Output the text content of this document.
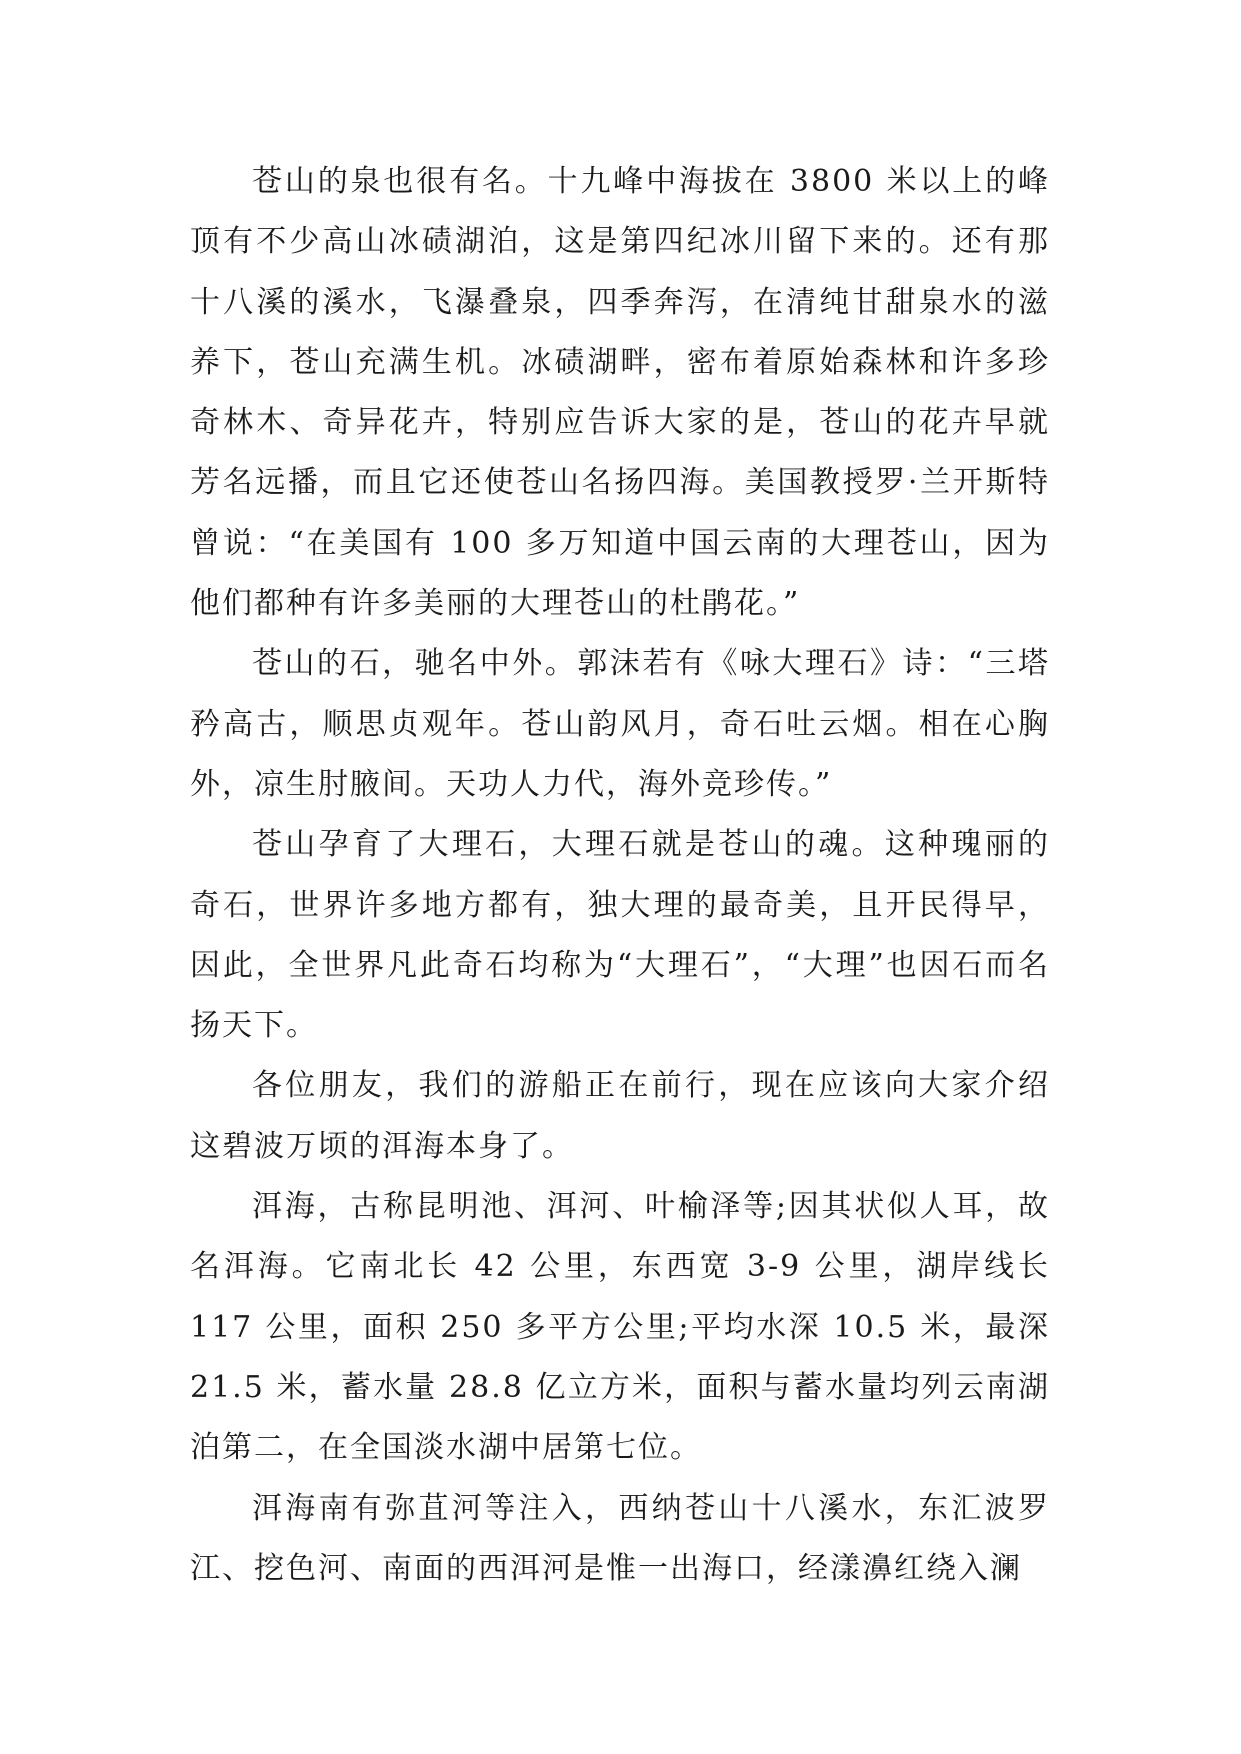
苍山的泉也很有名。十九峰中海拔在 3800 米以上的峰顶有不少高山冰碛湖泊，这是第四纪冰川留下来的。还有那十八溪的溪水，飞瀑叠泉，四季奔泻，在清纯甘甜泉水的滋养下，苍山充满生机。冰碛湖畔，密布着原始森林和许多珍奇林木、奇异花卉，特别应告诉大家的是，苍山的花卉早就芳名远播，而且它还使苍山名扬四海。美国教授罗·兰开斯特曾说：“在美国有 100 多万知道中国云南的大理苍山，因为他们都种有许多美丽的大理苍山的杜鹃花。”

苍山的石，驰名中外。郭沫若有《咏大理石》诗：“三塔矜高古，顺思贞观年。苍山韵风月，奇石吐云烟。相在心胸外，凉生肘腋间。天功人力代，海外竞珍传。”

苍山孕育了大理石，大理石就是苍山的魂。这种瑰丽的奇石，世界许多地方都有，独大理的最奇美，且开民得早，因此，全世界凡此奇石均称为“大理石”，“大理”也因石而名扬天下。

各位朋友，我们的游船正在前行，现在应该向大家介绍这碧波万顷的洱海本身了。

洱海，古称昆明池、洱河、叶榆泽等;因其状似人耳，故名洱海。它南北长 42 公里，东西宽 3-9 公里，湖岸线长 117 公里，面积 250 多平方公里;平均水深 10.5 米，最深 21.5 米，蓄水量 28.8 亿立方米，面积与蓄水量均列云南湖泊第二，在全国淡水湖中居第七位。

洱海南有弥苴河等注入，西纳苍山十八溪水，东汇波罗江、挖色河、南面的西洱河是惟一出海口，经漾濞红绕入澜
